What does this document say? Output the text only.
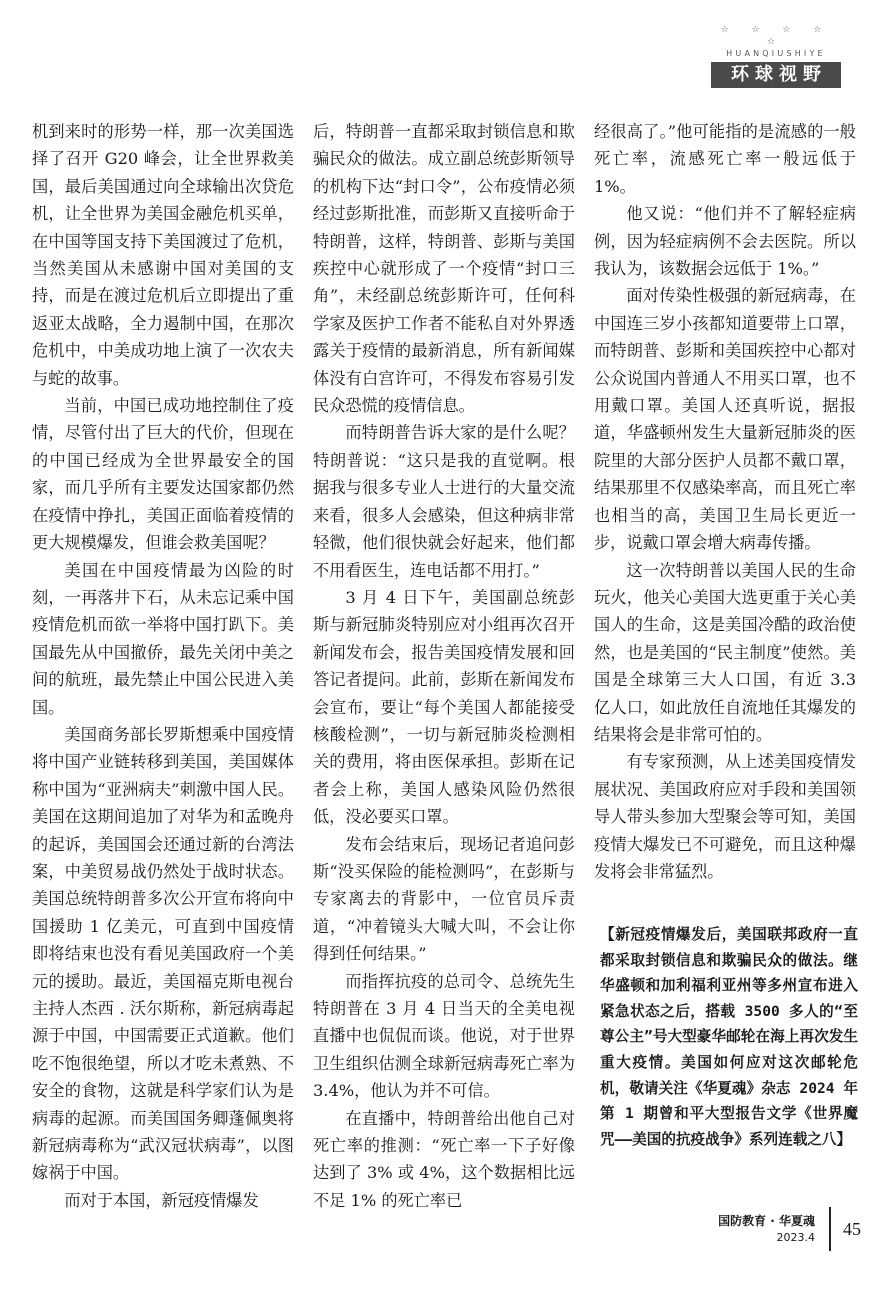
☆ ☆ ☆ ☆ ☆
HUANQIUSHIYE
环球视野

机到来时的形势一样，那一次美国选择了召开 G20 峰会，让全世界救美国，最后美国通过向全球输出次贷危机，让全世界为美国金融危机买单，在中国等国支持下美国渡过了危机，当然美国从未感谢中国对美国的支持，而是在渡过危机后立即提出了重返亚太战略，全力遏制中国，在那次危机中，中美成功地上演了一次农夫与蛇的故事。

当前，中国已成功地控制住了疫情，尽管付出了巨大的代价，但现在的中国已经成为全世界最安全的国家，而几乎所有主要发达国家都仍然在疫情中挣扎，美国正面临着疫情的更大规模爆发，但谁会救美国呢？

美国在中国疫情最为凶险的时刻，一再落井下石，从未忘记乘中国疫情危机而欲一举将中国打趴下。美国最先从中国撤侨，最先关闭中美之间的航班，最先禁止中国公民进入美国。

美国商务部长罗斯想乘中国疫情将中国产业链转移到美国，美国媒体称中国为“亚洲病夫”刺激中国人民。美国在这期间追加了对华为和孟晚舟的起诉，美国国会还通过新的台湾法案，中美贸易战仍然处于战时状态。美国总统特朗普多次公开宣布将向中国援助 1 亿美元，可直到中国疫情即将结束也没有看见美国政府一个美元的援助。最近，美国福克斯电视台主持人杰西 . 沃尔斯称，新冠病毒起源于中国，中国需要正式道歉。他们吃不饱很绝望，所以才吃未煮熟、不安全的食物，这就是科学家们认为是病毒的起源。而美国国务卿蓬佩奥将新冠病毒称为“武汉冠状病毒”，以图嫁祸于中国。

而对于本国，新冠疫情爆发

后，特朗普一直都采取封锁信息和欺骗民众的做法。成立副总统彭斯领导的机构下达“封口令”，公布疫情必须经过彭斯批准，而彭斯又直接听命于特朗普，这样，特朗普、彭斯与美国疾控中心就形成了一个疫情“封口三角”，未经副总统彭斯许可，任何科学家及医护工作者不能私自对外界透露关于疫情的最新消息，所有新闻媒体没有白宫许可，不得发布容易引发民众恐慌的疫情信息。

而特朗普告诉大家的是什么呢？特朗普说：“这只是我的直觉啊。根据我与很多专业人士进行的大量交流来看，很多人会感染，但这种病非常轻微，他们很快就会好起来，他们都不用看医生，连电话都不用打。”

3 月 4 日下午，美国副总统彭斯与新冠肺炎特别应对小组再次召开新闻发布会，报告美国疫情发展和回答记者提问。此前，彭斯在新闻发布会宣布，要让“每个美国人都能接受核酸检测”，一切与新冠肺炎检测相关的费用，将由医保承担。彭斯在记者会上称，美国人感染风险仍然很低，没必要买口罩。

发布会结束后，现场记者追问彭斯“没买保险的能检测吗”，在彭斯与专家离去的背影中，一位官员斥责道，“冲着镜头大喊大叫，不会让你得到任何结果。”

而指挥抗疫的总司令、总统先生特朗普在 3 月 4 日当天的全美电视直播中也侃侃而谈。他说，对于世界卫生组织估测全球新冠病毒死亡率为 3.4%，他认为并不可信。

在直播中，特朗普给出他自己对死亡率的推测：“死亡率一下子好像达到了 3% 或 4%，这个数据相比远不足 1% 的死亡率已

经很高了。”他可能指的是流感的一般死亡率，流感死亡率一般远低于 1%。

他又说：“他们并不了解轻症病例，因为轻症病例不会去医院。所以我认为，该数据会远低于 1%。”

面对传染性极强的新冠病毒，在中国连三岁小孩都知道要带上口罩，而特朗普、彭斯和美国疾控中心都对公众说国内普通人不用买口罩，也不用戴口罩。美国人还真听说，据报道，华盛顿州发生大量新冠肺炎的医院里的大部分医护人员都不戴口罩，结果那里不仅感染率高，而且死亡率也相当的高，美国卫生局长更近一步，说戴口罩会增大病毒传播。

这一次特朗普以美国人民的生命玩火，他关心美国大选更重于关心美国人的生命，这是美国冷酷的政治使然，也是美国的“民主制度”使然。美国是全球第三大人口国，有近 3.3 亿人口，如此放任自流地任其爆发的结果将会是非常可怕的。

有专家预测，从上述美国疫情发展状况、美国政府应对手段和美国领导人带头参加大型聚会等可知，美国疫情大爆发已不可避免，而且这种爆发将会非常猛烈。

【新冠疫情爆发后，美国联邦政府一直都采取封锁信息和欺骗民众的做法。继华盛顿和加利福利亚州等多州宣布进入紧急状态之后，搭载 3500 多人的“至尊公主”号大型豪华邮轮在海上再次发生重大疫情。美国如何应对这次邮轮危机，敬请关注《华夏魂》杂志 2024 年第 1 期曾和平大型报告文学《世界魔咒——美国的抗疫战争》系列连载之八】
国防教育 · 华夏魂
2023.4	45
